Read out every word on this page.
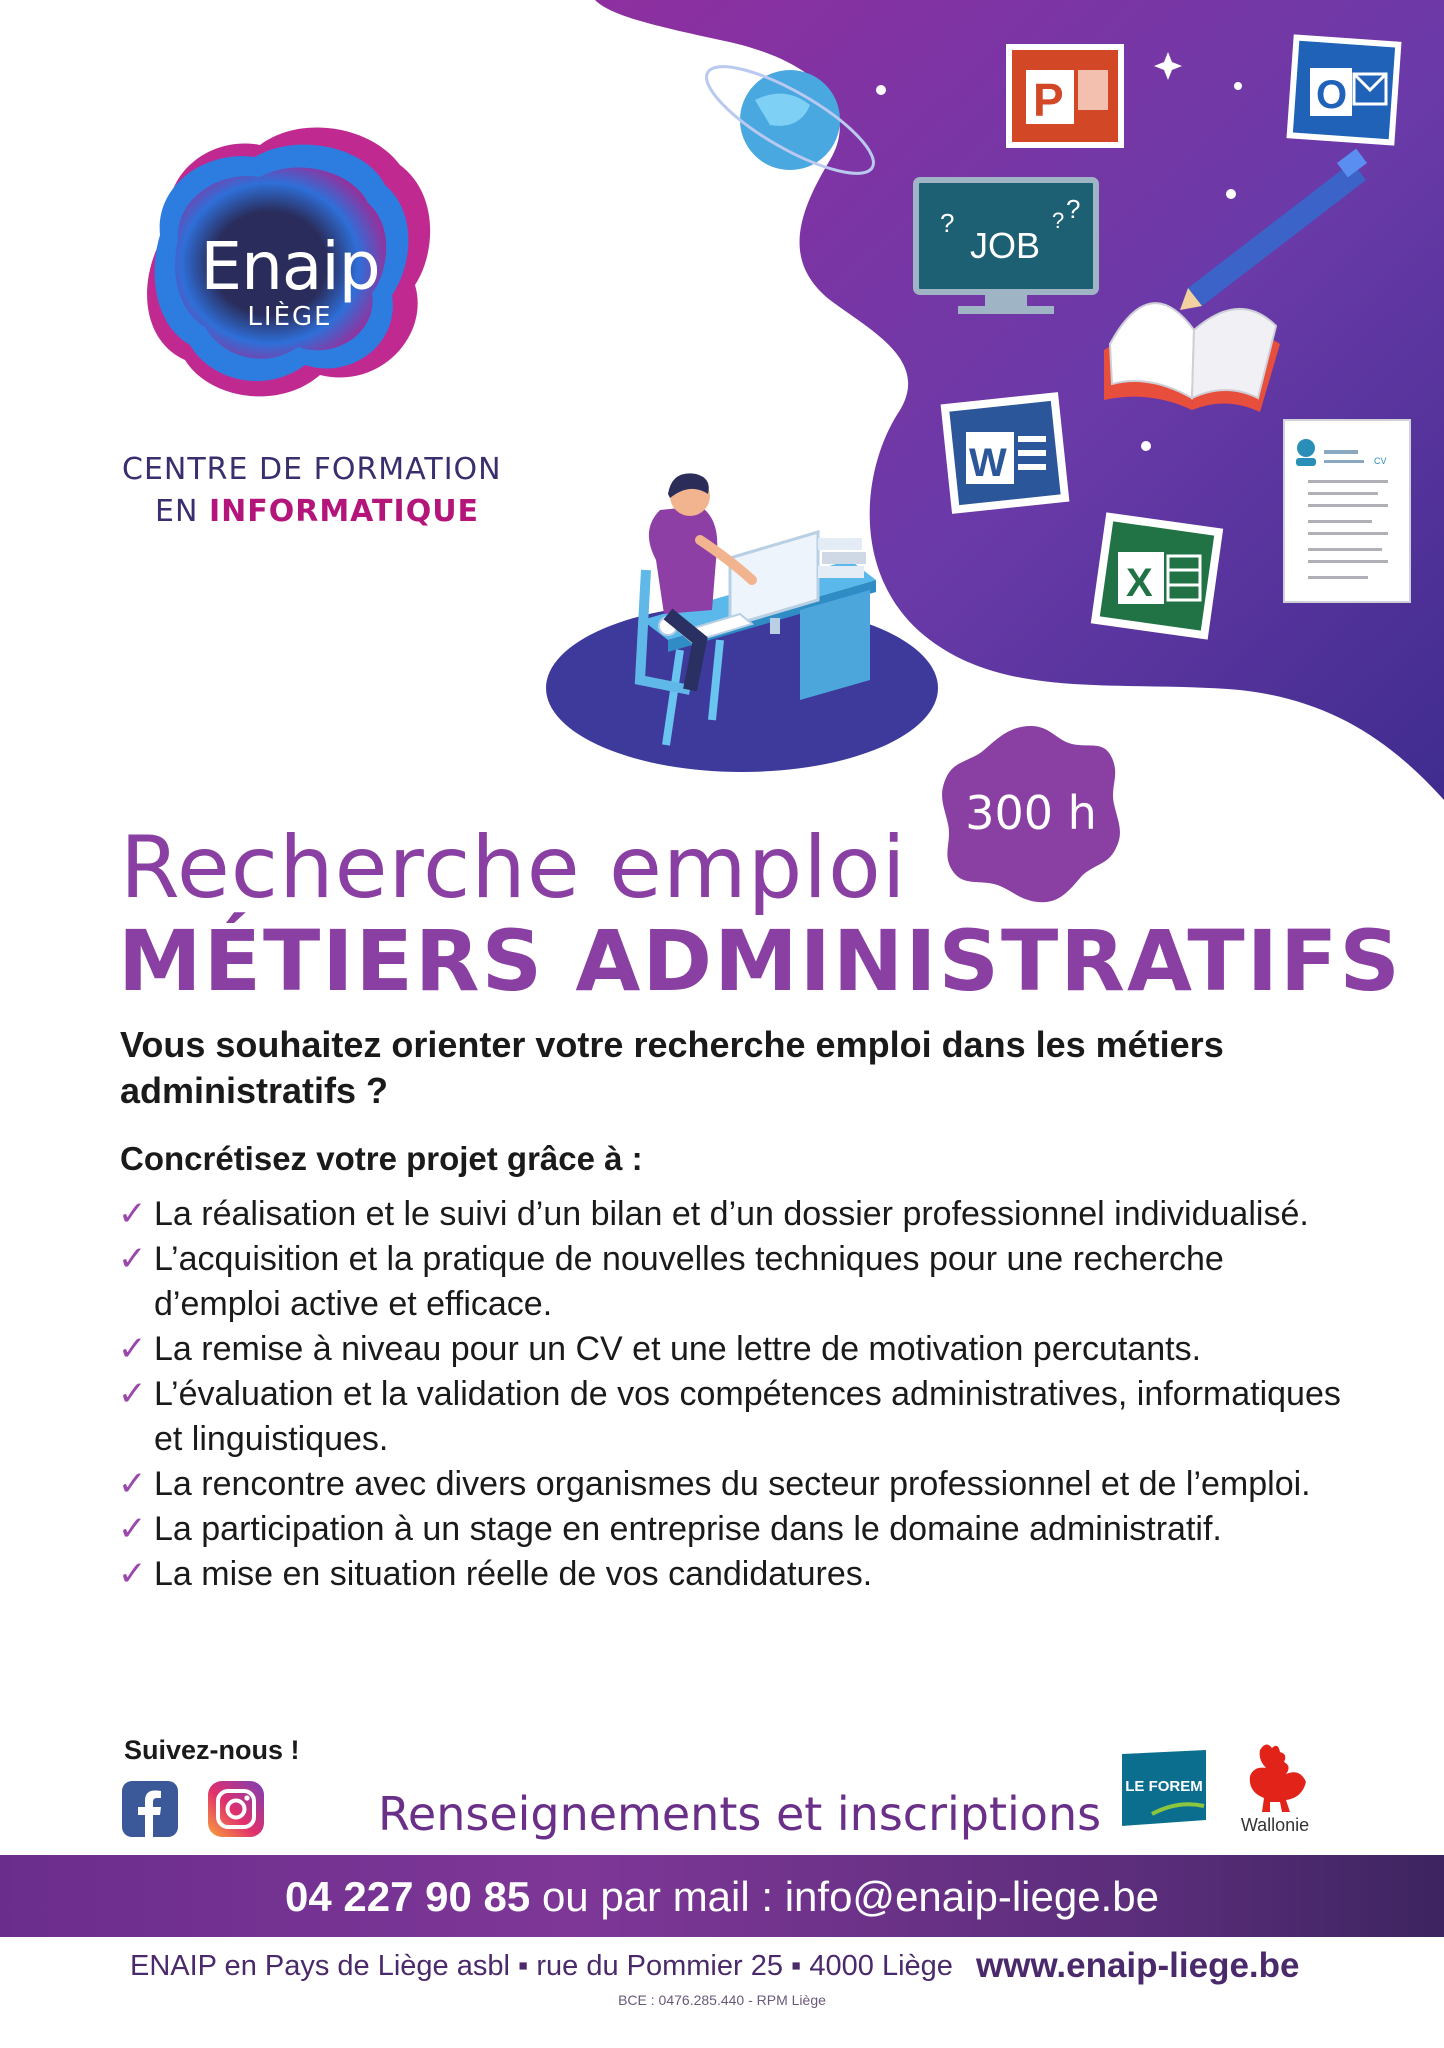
P	O
JOB
?	? ?
W
X
CV
Enaip
LIÈGE
CENTRE DE FORMATION
EN INFORMATIQUE
300 h
Recherche emploi
MÉTIERS ADMINISTRATIFS

Vous souhaitez orienter votre recherche emploi dans les métiers administratifs ?

Concrétisez votre projet grâce à :

✓ La réalisation et le suivi d’un bilan et d’un dossier professionnel individualisé.
✓ L’acquisition et la pratique de nouvelles techniques pour une recherche d’emploi active et efficace.
✓ La remise à niveau pour un CV et une lettre de motivation percutants.
✓ L’évaluation et la validation de vos compétences administratives, informatiques et linguistiques.
✓ La rencontre avec divers organismes du secteur professionnel et de l’emploi.
✓ La participation à un stage en entreprise dans le domaine administratif.
✓ La mise en situation réelle de vos candidatures.
Suivez-nous !
Renseignements et inscriptions
LE FOREM
Wallonie
04 227 90 85 ou par mail : info@enaip-liege.be
ENAIP en Pays de Liège asbl ▪ rue du Pommier 25 ▪ 4000 Liège www.enaip-liege.be
BCE : 0476.285.440 - RPM Liège
